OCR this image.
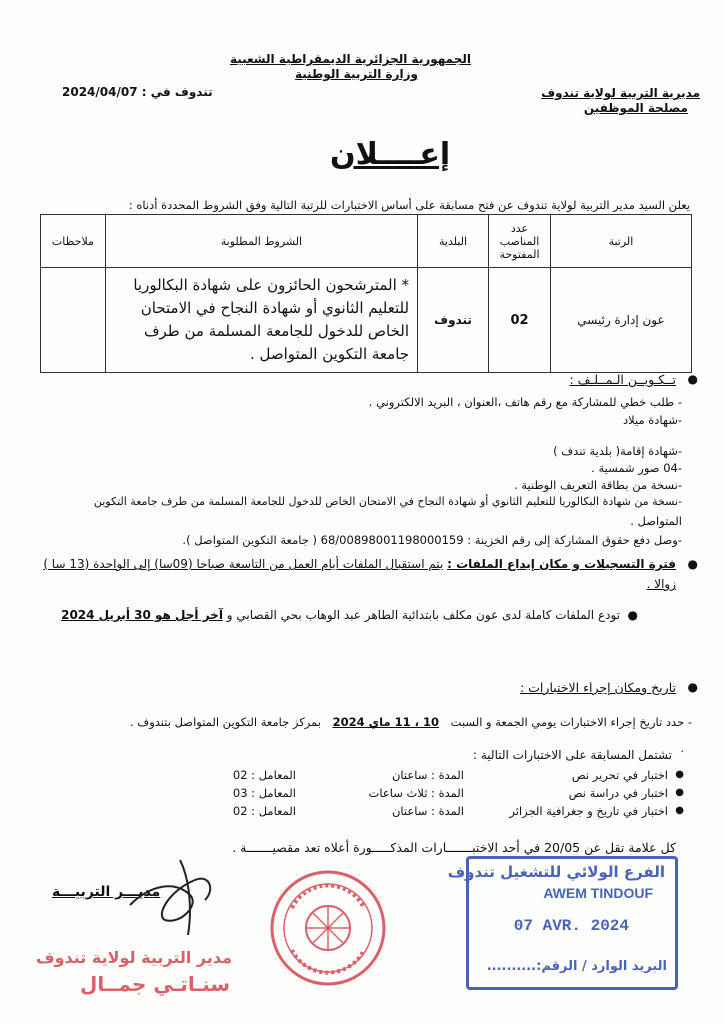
الجمهورية الجزائرية الديمقراطية الشعبية
وزارة التربية الوطنية
مديرية التربية لولاية تندوف
مصلحة الموظفين
تندوف في : 2024/04/07
إعــــلان
يعلن السيد مدير التربية لولاية تندوف عن فتح مسابقة على أساس الاختبارات للرتبة التالية وفق الشروط المحددة أدناه :
الرتبة	عدد المناصب المفتوحة	البلدية	الشروط المطلوبة	ملاحظات
عون إدارة رئيسي	02	تندوف	* المترشحون الحائزون على شهادة البكالوريا للتعليم الثانوي أو شهادة النجاح في الامتحان الخاص للدخول للجامعة المسلمة من طرف جامعة التكوين المتواصل .	
●
تــكـويــن الـمــلـف :
- طلب خطي للمشاركة مع رقم هاتف ،العنوان ، البريد الالكتروني .
-شهادة ميلاد
-شهادة إقامة( بلدية تندف )
-04 صور شمسية .
-نسخة من بطاقة التعريف الوطنية .
-نسخة من شهادة البكالوريا للتعليم الثانوي أو شهادة النجاح في الامتحان الخاص للدخول للجامعة المسلمة من طرف جامعة التكوين
المتواصل .
-وصل دفع حقوق المشاركة إلى رقم الخزينة : 68/00898001198000159 ( جامعة التكوين المتواصل ).
●
فترة التسجيلات و مكان إيداع الملفات : يتم استقبال الملفات أيام العمل من التاسعة صباحا (09سا) إلى الواحدة (13 سا )
زوالا .
●
تودع الملفات كاملة لدى عون مكلف بابتدائية الطاهر عبد الوهاب بحي القصابي و آخر أجل هو 30 أبريل 2024
●
تاريخ ومكان إجراء الاختبارات :
- حدد تاريخ إجراء الاختبارات يومي الجمعة و السبت 10 ، 11 ماي 2024 بمركز جامعة التكوين المتواصل بتندوف .
·
تشتمل المسابقة على الاختبارات التالية :
●
اختبار في تحرير نص
المدة : ساعتان
المعامل : 02
●
اختبار في دراسة نص
المدة : ثلاث ساعات
المعامل : 03
●
اختبار في تاريخ و جغرافية الجزائر
المدة : ساعتان
المعامل : 02
كل علامة تقل عن 20/05 في أحد الاختبـــــــارات المذكـــــورة أعلاه تعد مقصيـــــــة .
مديـــر التربيـــة
مدير التربية لولاية تندوف
سنـاتـي جمــال
الفرع الولائي للتشغيل تندوف
AWEM TINDOUF
07 AVR. 2024
البريد الوارد / الرقم:..........
